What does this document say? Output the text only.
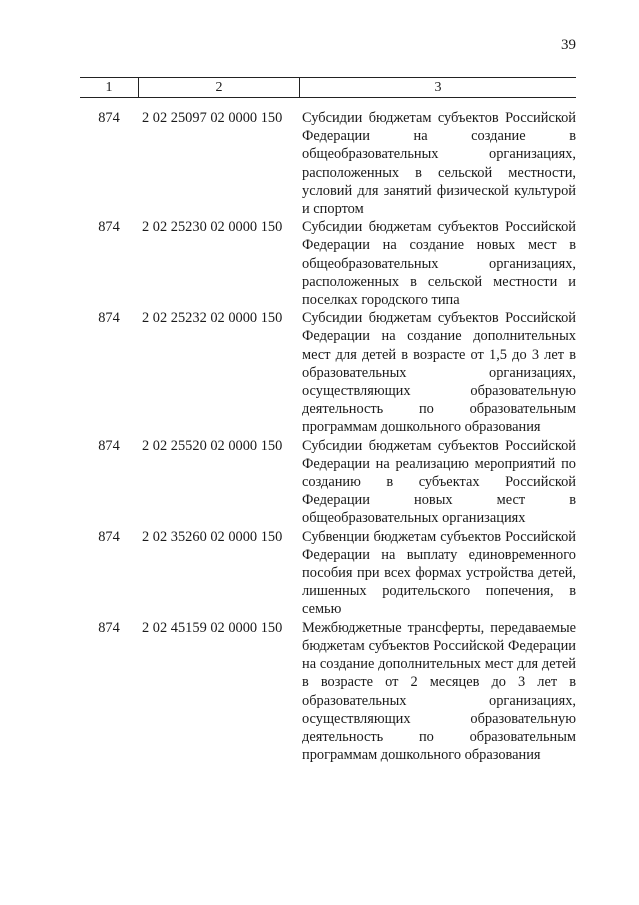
39
1	2	3
874	2 02 25097 02 0000 150	Субсидии бюджетам субъектов Российской Федерации на создание в общеобразовательных организациях, расположенных в сельской местности, условий для занятий физической культурой и спортом
874	2 02 25230 02 0000 150	Субсидии бюджетам субъектов Российской Федерации на создание новых мест в общеобразовательных организациях, расположенных в сельской местности и поселках городского типа
874	2 02 25232 02 0000 150	Субсидии бюджетам субъектов Российской Федерации на создание дополнительных мест для детей в возрасте от 1,5 до 3 лет в образовательных организациях, осуществляющих образовательную деятельность по образовательным программам дошкольного образования
874	2 02 25520 02 0000 150	Субсидии бюджетам субъектов Российской Федерации на реализацию мероприятий по созданию в субъектах Российской Федерации новых мест в общеобразовательных организациях
874	2 02 35260 02 0000 150	Субвенции бюджетам субъектов Российской Федерации на выплату единовременного пособия при всех формах устройства детей, лишенных родительского попечения, в семью
874	2 02 45159 02 0000 150	Межбюджетные трансферты, передаваемые бюджетам субъектов Российской Федерации на создание дополнительных мест для детей в возрасте от 2 месяцев до 3 лет в образовательных организациях, осуществляющих образовательную деятельность по образовательным программам дошкольного образования
